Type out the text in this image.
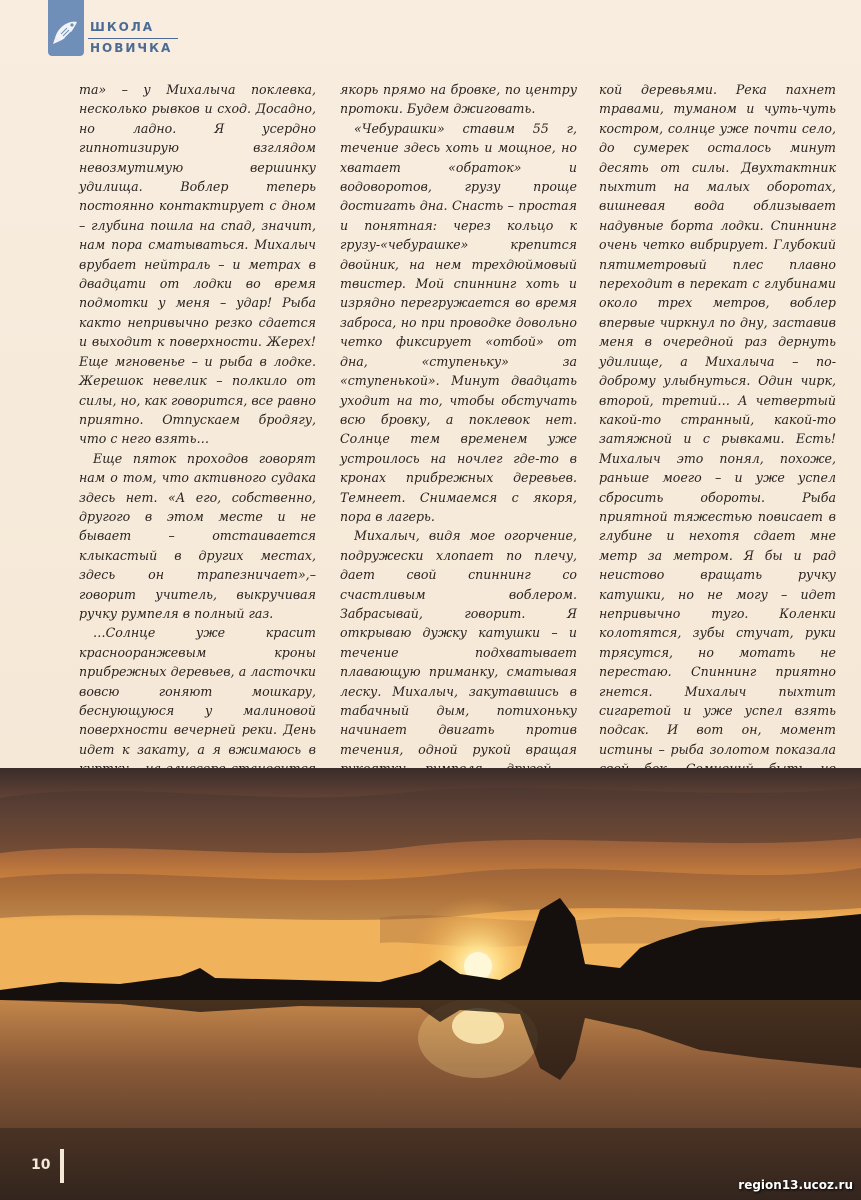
ШКОЛА
НОВИЧКА

та» – у Михалыча поклевка, несколько рывков и сход. Досадно, но ладно. Я усердно гипнотизирую взглядом невозмутимую вершинку удилища. Воблер теперь постоянно контактирует с дном – глубина пошла на спад, значит, нам пора сматываться. Михалыч врубает нейтраль – и метрах в двадцати от лодки во время подмотки у меня – удар! Рыба както непривычно резко сдается и выходит к поверхности. Жерех! Еще мгновенье – и рыба в лодке. Жерешок невелик – полкило от силы, но, как говорится, все равно приятно. Отпускаем бродягу, что с него взять…

Еще пяток проходов говорят нам о том, что активного судака здесь нет. «А его, собственно, другого в этом месте и не бывает – отстаивается клыкастый в других местах, здесь он трапезничает»,– говорит учитель, выкручивая ручку румпеля в полный газ.

…Солнце уже красит краснооранжевым кроны прибрежных деревьев, а ласточки вовсю гоняют мошкару, беснующуюся у малиновой поверхности вечерней реки. День идет к закату, а я вжимаюсь в

якорь прямо на бровке, по центру протоки. Будем джиговать.

«Чебурашки» ставим 55 г, течение здесь хоть и мощное, но хватает «обраток» и водоворотов, грузу проще достигать дна. Снасть – простая и понятная: через кольцо к грузу-«чебурашке» крепится двойник, на нем трехдюймовый твистер. Мой спиннинг хоть и изрядно перегружается во время заброса, но при проводке довольно четко фиксирует «отбой» от дна, «ступеньку» за «ступенькой». Минут двадцать уходит на то, чтобы обстучать всю бровку, а поклевок нет. Солнце тем временем уже устроилось на ночлег где-то в кронах прибрежных деревьев. Темнеет. Снимаемся с якоря, пора в лагерь.

Михалыч, видя мое огорчение, подружески хлопает по плечу, дает свой спиннинг со счастливым воблером. Забрасывай, говорит. Я открываю дужку катушки – и течение подхватывает плавающую приманку, сматывая леску. Михалыч, закутавшись в табачный дым, потихоньку начинает двигать против течения, одной рукой вращая

кой деревьями. Река пахнет травами, туманом и чуть-чуть костром, солнце уже почти село, до сумерек осталось минут десять от силы. Двухтактник пыхтит на малых оборотах, вишневая вода облизывает надувные борта лодки. Спиннинг очень четко вибрирует. Глубокий пятиметровый плес плавно переходит в перекат с глубинами около трех метров, воблер впервые чиркнул по дну, заставив меня в очередной раз дернуть удилище, а Михалыча – по-доброму улыбнуться. Один чирк, второй, третий… А четвертый какой-то странный, какой-то затяжной и с рывками. Есть! Михалыч это понял, похоже, раньше моего – и уже успел сбросить обороты. Рыба приятной тяжестью повисает в глубине и нехотя сдает мне метр за метром. Я бы и рад неистово вращать ручку катушки, но не могу – идет непривычно туго. Коленки колотятся, зубы стучат, руки трясутся, но мотать не перестаю. Спиннинг приятно гнется. Михалыч пыхтит сигаретой и уже успел взять подсак. И вот он, момент истины – рыба золотом показала

10
region13.ucoz.ru
